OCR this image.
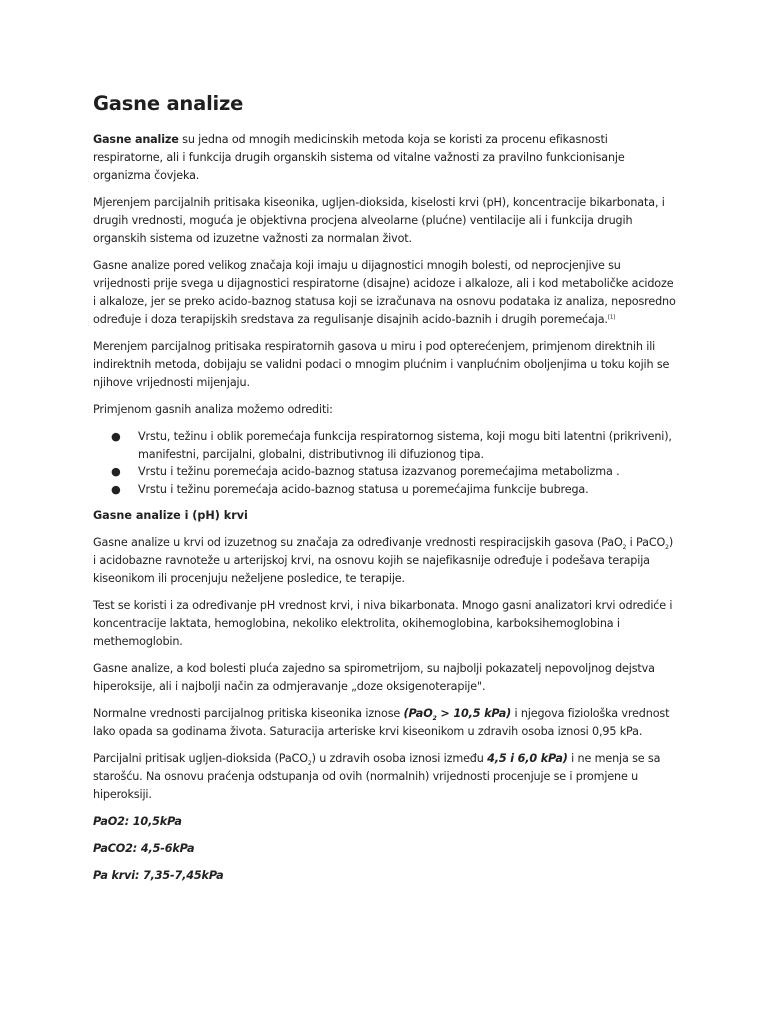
Gasne analize

Gasne analize su jedna od mnogih medicinskih metoda koja se koristi za procenu efikasnosti respiratorne, ali i funkcija drugih organskih sistema od vitalne važnosti za pravilno funkcionisanje organizma čovjeka.

Mjerenjem parcijalnih pritisaka kiseonika, ugljen-dioksida, kiselosti krvi (pH), koncentracije bikarbonata, i drugih vrednosti, moguća je objektivna procjena alveolarne (plućne) ventilacije ali i funkcija drugih organskih sistema od izuzetne važnosti za normalan život.

Gasne analize pored velikog značaja koji imaju u dijagnostici mnogih bolesti, od neprocjenjive su vrijednosti prije svega u dijagnostici respiratorne (disajne) acidoze i alkaloze, ali i kod metaboličke acidoze i alkaloze, jer se preko acido-baznog statusa koji se izračunava na osnovu podataka iz analiza, neposredno određuje i doza terapijskih sredstava za regulisanje disajnih acido-baznih i drugih poremećaja.[1]

Merenjem parcijalnog pritisaka respiratornih gasova u miru i pod opterećenjem, primjenom direktnih ili indirektnih metoda, dobijaju se validni podaci o mnogim plućnim i vanplućnim oboljenjima u toku kojih se njihove vrijednosti mijenjaju.

Primjenom gasnih analiza možemo odrediti:

● Vrstu, težinu i oblik poremećaja funkcija respiratornog sistema, koji mogu biti latentni (prikriveni), manifestni, parcijalni, globalni, distributivnog ili difuzionog tipa.
● Vrstu i težinu poremećaja acido-baznog statusa izazvanog poremećajima metabolizma .
● Vrstu i težinu poremećaja acido-baznog statusa u poremećajima funkcije bubrega.
Gasne analize i (pH) krvi

Gasne analize u krvi od izuzetnog su značaja za određivanje vrednosti respiracijskih gasova (PaO$_2$ i PaCO$_2$) i acidobazne ravnoteže u arterijskoj krvi, na osnovu kojih se najefikasnije određuje i podešava terapija kiseonikom ili procenjuju neželjene posledice, te terapije.

Test se koristi i za određivanje pH vrednost krvi, i niva bikarbonata. Mnogo gasni analizatori krvi odrediće i koncentracije laktata, hemoglobina, nekoliko elektrolita, okihemoglobina, karboksihemoglobina i methemoglobin.

Gasne analize, a kod bolesti pluća zajedno sa spirometrijom, su najbolji pokazatelj nepovoljnog dejstva hiperoksije, ali i najbolji način za odmjeravanje „doze oksigenoterapije".

Normalne vrednosti parcijalnog pritiska kiseonika iznose (PaO$_2$ > 10,5 kPa) i njegova fiziološka vrednost lako opada sa godinama života. Saturacija arteriske krvi kiseonikom u zdravih osoba iznosi 0,95 kPa.

Parcijalni pritisak ugljen-dioksida (PaCO$_2$) u zdravih osoba iznosi između 4,5 i 6,0 kPa) i ne menja se sa starošću. Na osnovu praćenja odstupanja od ovih (normalnih) vrijednosti procenjuje se i promjene u hiperoksiji.

PaO2: 10,5kPa

PaCO2: 4,5-6kPa

Pa krvi: 7,35-7,45kPa
